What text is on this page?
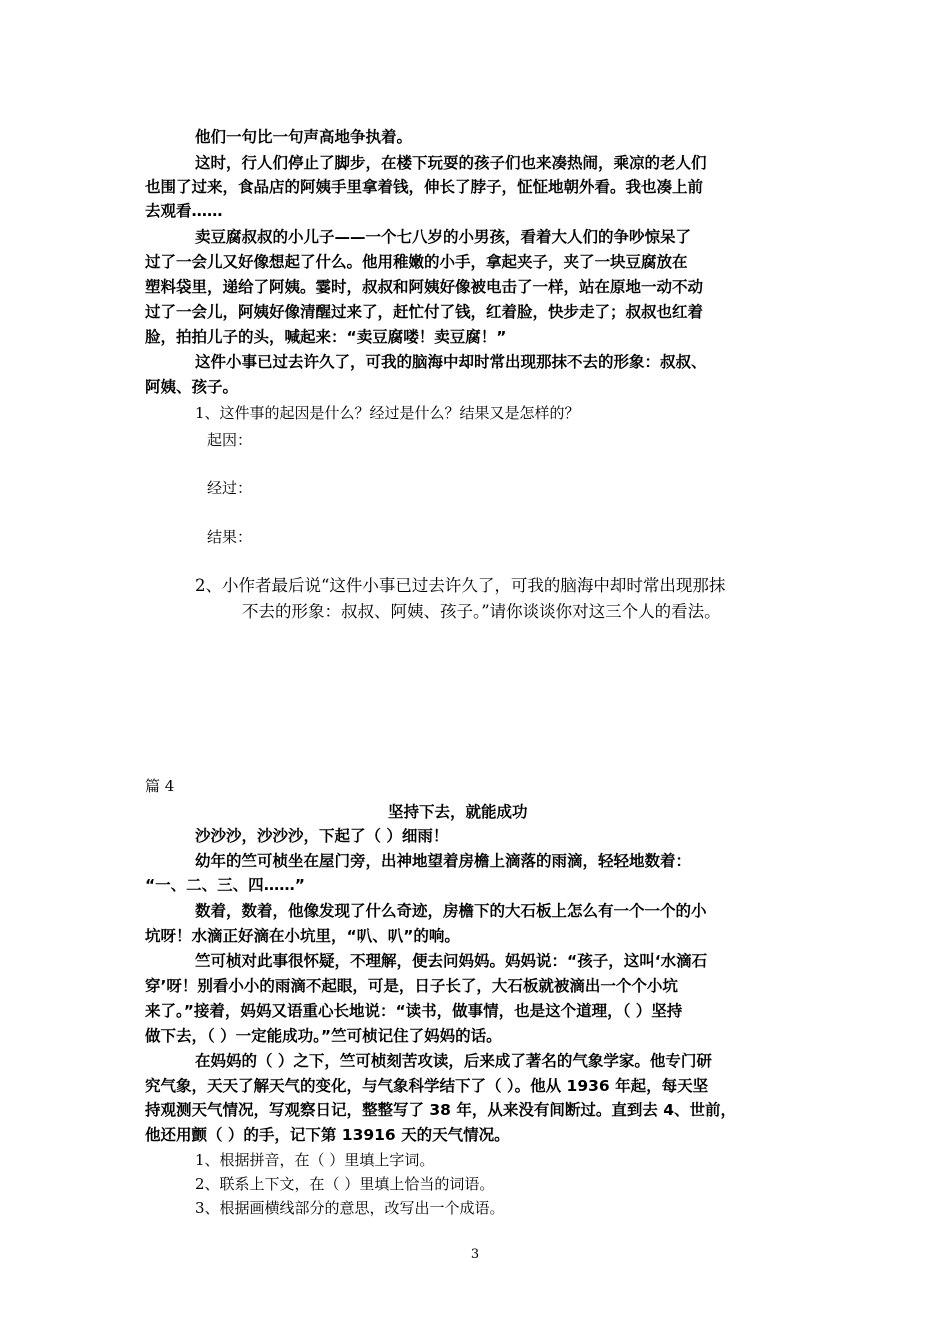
他们一句比一句声高地争执着。
这时，行人们停止了脚步，在楼下玩耍的孩子们也来凑热闹，乘凉的老人们
也围了过来，食品店的阿姨手里拿着钱，伸长了脖子，怔怔地朝外看。我也凑上前
去观看……
卖豆腐叔叔的小儿子——一个七八岁的小男孩，看着大人们的争吵惊呆了
过了一会儿又好像想起了什么。他用稚嫩的小手，拿起夹子，夹了一块豆腐放在
塑料袋里，递给了阿姨。霎时，叔叔和阿姨好像被电击了一样，站在原地一动不动
过了一会儿，阿姨好像清醒过来了，赶忙付了钱，红着脸，快步走了；叔叔也红着
脸，拍拍儿子的头，喊起来：“卖豆腐喽！卖豆腐！”
这件小事已过去许久了，可我的脑海中却时常出现那抹不去的形象：叔叔、
阿姨、孩子。
1、这件事的起因是什么？经过是什么？结果又是怎样的？
起因：
经过：
结果：
2、小作者最后说“这件小事已过去许久了，可我的脑海中却时常出现那抹
不去的形象：叔叔、阿姨、孩子。”请你谈谈你对这三个人的看法。
篇 4
坚持下去，就能成功
沙沙沙，沙沙沙，下起了（ ）细雨！
幼年的竺可桢坐在屋门旁，出神地望着房檐上滴落的雨滴，轻轻地数着：
“一、二、三、四……”
数着，数着，他像发现了什么奇迹，房檐下的大石板上怎么有一个一个的小
坑呀！水滴正好滴在小坑里，“叭、叭”的响。
竺可桢对此事很怀疑，不理解，便去问妈妈。妈妈说：“孩子，这叫‘水滴石
穿’呀！别看小小的雨滴不起眼，可是，日子长了，大石板就被滴出一个个小坑
来了。”接着，妈妈又语重心长地说：“读书，做事情，也是这个道理，（ ）坚持
做下去，（ ）一定能成功。”竺可桢记住了妈妈的话。
在妈妈的（ ）之下，竺可桢刻苦攻读，后来成了著名的气象学家。他专门研
究气象，天天了解天气的变化，与气象科学结下了（ ）。他从 1936 年起，每天坚
持观测天气情况，写观察日记，整整写了 38 年，从来没有间断过。直到去 4、世前，
他还用颤（ ）的手，记下第 13916 天的天气情况。
1、根据拼音，在（ ）里填上字词。
2、联系上下文，在（ ）里填上恰当的词语。
3、根据画横线部分的意思，改写出一个成语。
3
